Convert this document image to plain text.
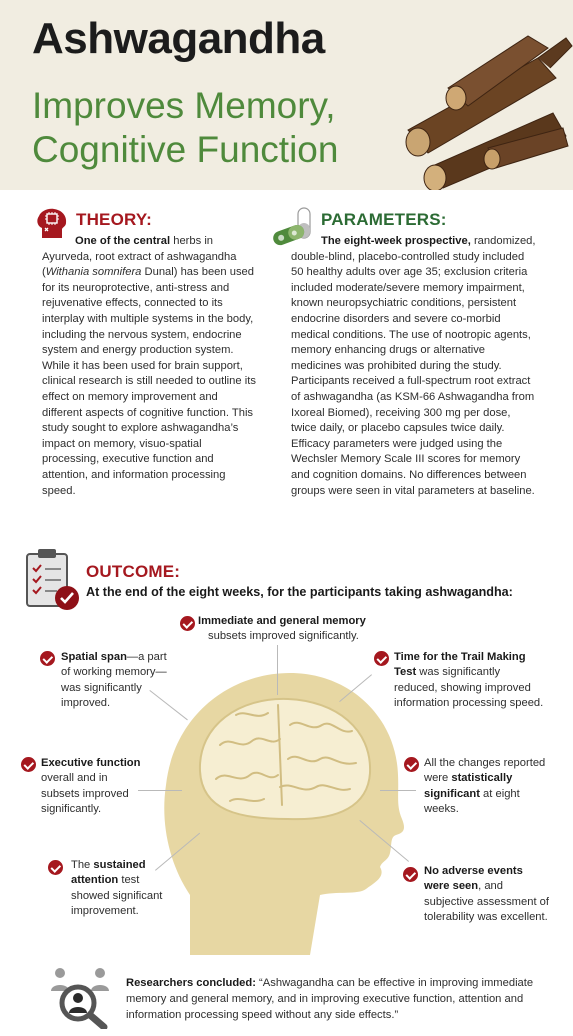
Ashwagandha
Improves Memory,
Cognitive Function
THEORY:
One of the central herbs in Ayurveda, root extract of ashwagandha (Withania somnifera Dunal) has been used for its neuroprotective, anti-stress and rejuvenative effects, connected to its interplay with multiple systems in the body, including the nervous system, endocrine system and energy production system. While it has been used for brain support, clinical research is still needed to outline its effect on memory improvement and different aspects of cognitive function. This study sought to explore ashwagandha’s impact on memory, visuo-spatial processing, executive function and attention, and information processing speed.
PARAMETERS:
The eight-week prospective, randomized, double-blind, placebo-controlled study included 50 healthy adults over age 35; exclusion criteria included moderate/severe memory impairment, known neuropsychiatric conditions, persistent endocrine disorders and severe co-morbid medical conditions. The use of nootropic agents, memory enhancing drugs or alternative medicines was prohibited during the study. Participants received a full-spectrum root extract of ashwagandha (as KSM-66 Ashwagandha from Ixoreal Biomed), receiving 300 mg per dose, twice daily, or placebo capsules twice daily. Efficacy parameters were judged using the Wechsler Memory Scale III scores for memory and cognition domains. No differences between groups were seen in vital parameters at baseline.
OUTCOME:
At the end of the eight weeks, for the participants taking ashwagandha:
Immediate and general memory
subsets improved significantly.
Spatial span—a part of working memory—was significantly improved.
Time for the Trail Making Test was significantly reduced, showing improved information processing speed.
Executive function overall and in subsets improved significantly.
All the changes reported were statistically significant at eight weeks.
The sustained attention test showed significant improvement.
No adverse events were seen, and subjective assessment of tolerability was excellent.
Researchers concluded: “Ashwagandha can be effective in improving immediate memory and general memory, and in improving executive function, attention and information processing speed without any side effects.”
